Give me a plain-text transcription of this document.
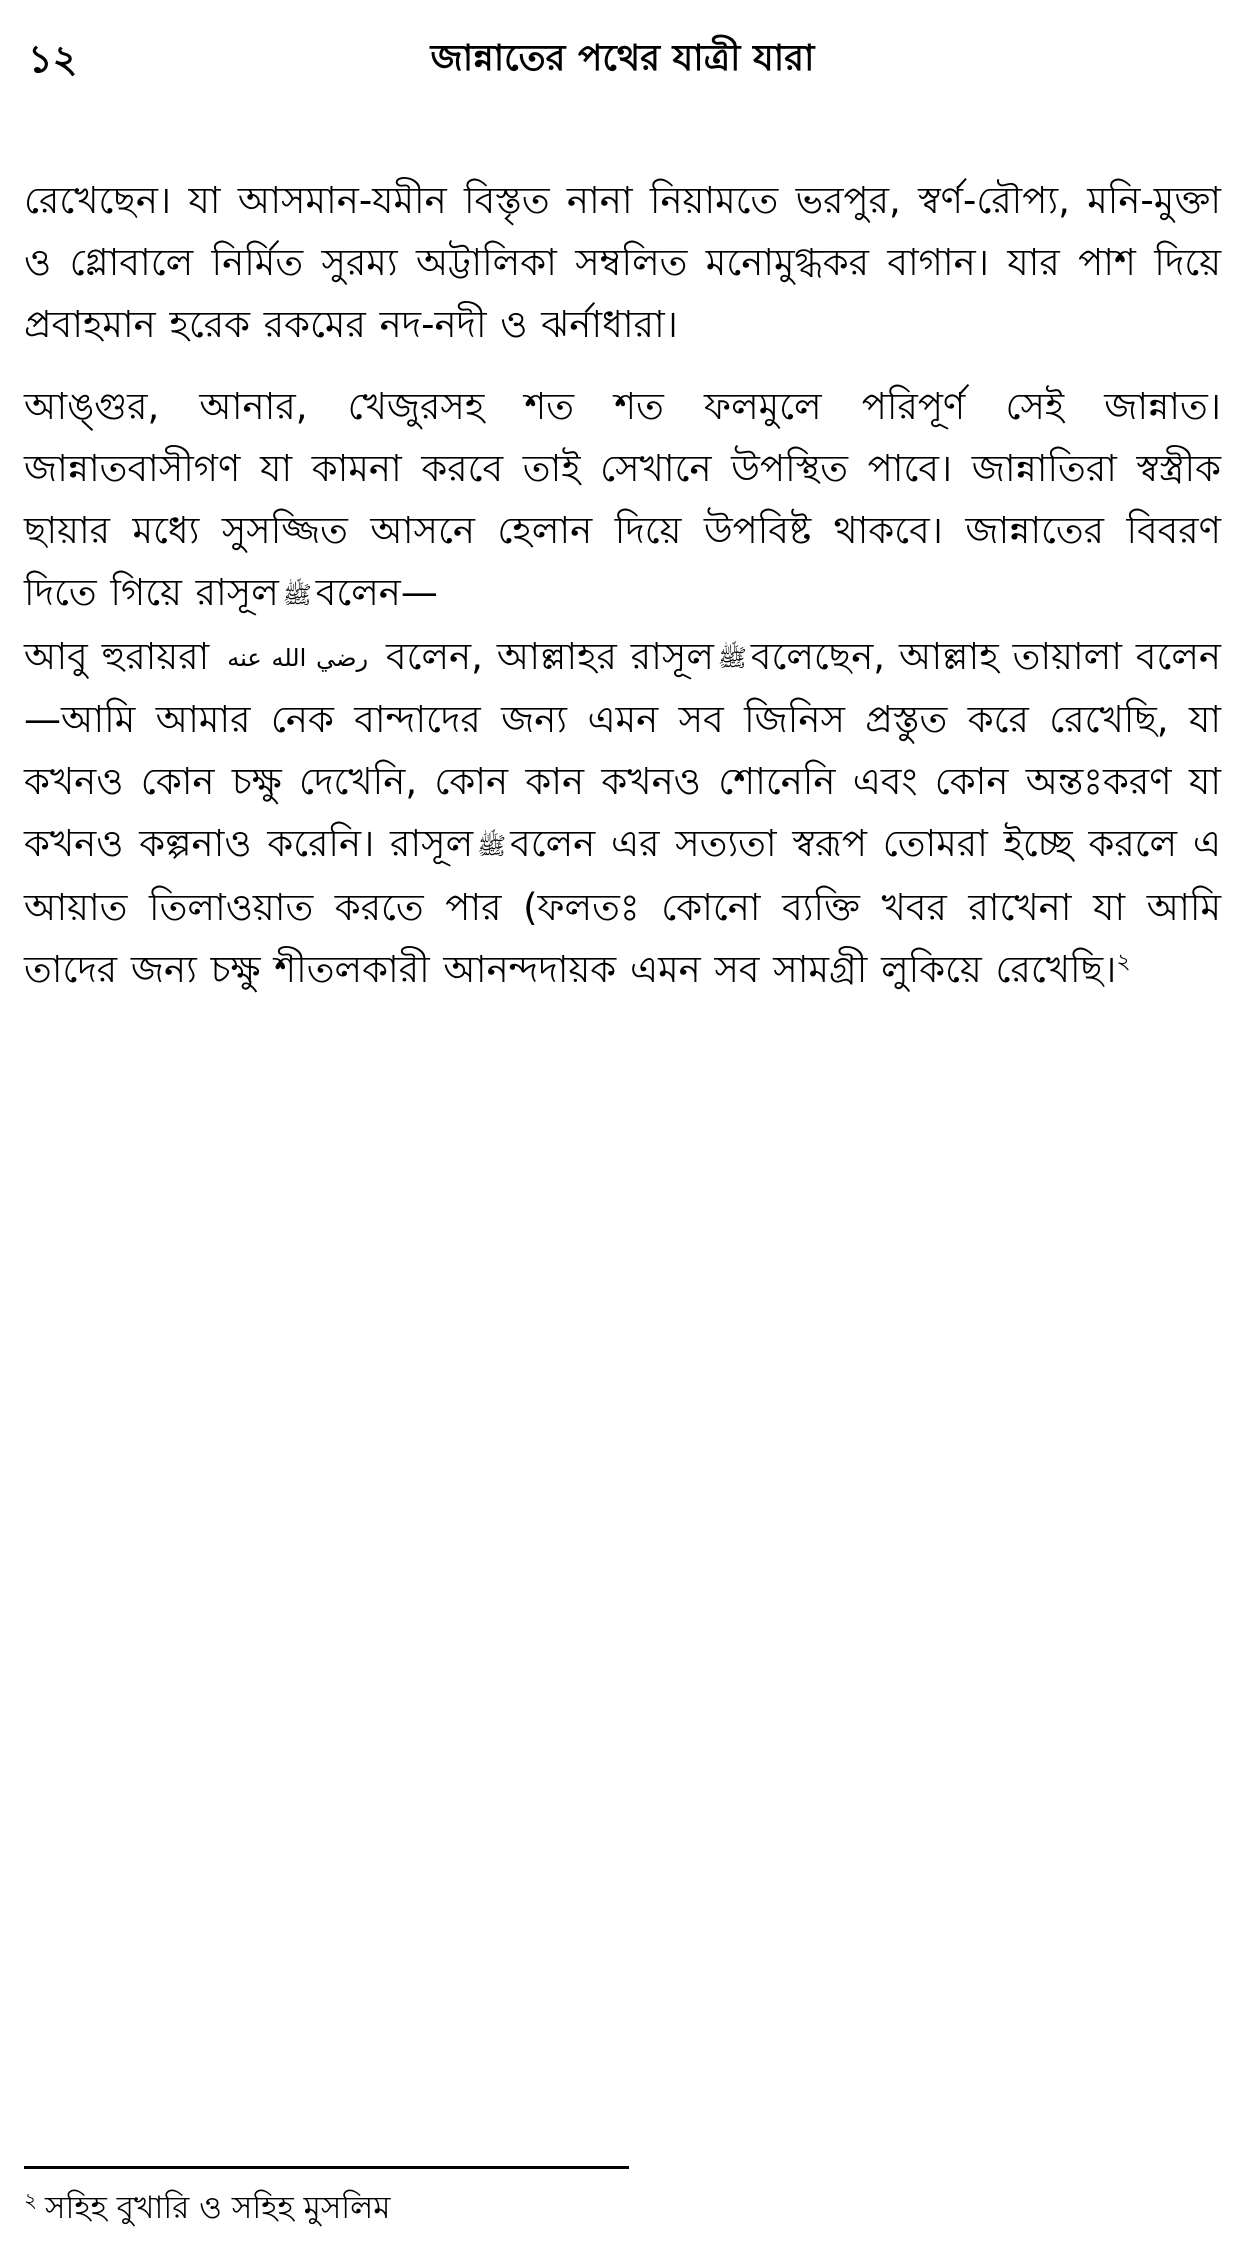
১২	জান্নাতের পথের যাত্রী যারা

রেখেছেন। যা আসমান-যমীন বিস্তৃত নানা নিয়ামতে ভরপুর, স্বর্ণ-রৌপ্য, মনি-মুক্তা ও গ্লোবালে নির্মিত সুরম্য অট্টালিকা সম্বলিত মনোমুগ্ধকর বাগান। যার পাশ দিয়ে প্রবাহমান হরেক রকমের নদ-নদী ও ঝর্নাধারা।

আঙ্গুর, আনার, খেজুরসহ শত শত ফলমুলে পরিপূর্ণ সেই জান্নাত। জান্নাতবাসীগণ যা কামনা করবে তাই সেখানে উপস্থিত পাবে। জান্নাতিরা স্বস্ত্রীক ছায়ার মধ্যে সুসজ্জিত আসনে হেলান দিয়ে উপবিষ্ট থাকবে। জান্নাতের বিবরণ দিতে গিয়ে রাসূল ﷺ বলেন—

আবু হুরায়রা رضي الله عنه বলেন, আল্লাহর রাসূল ﷺ বলেছেন, আল্লাহ তায়ালা বলেন—আমি আমার নেক বান্দাদের জন্য এমন সব জিনিস প্রস্তুত করে রেখেছি, যা কখনও কোন চক্ষু দেখেনি, কোন কান কখনও শোনেনি এবং কোন অন্তঃকরণ যা কখনও কল্পনাও করেনি। রাসূল ﷺ বলেন এর সত্যতা স্বরূপ তোমরা ইচ্ছে করলে এ আয়াত তিলাওয়াত করতে পার (ফলতঃ কোনো ব্যক্তি খবর রাখেনা যা আমি তাদের জন্য চক্ষু শীতলকারী আনন্দদায়ক এমন সব সামগ্রী লুকিয়ে রেখেছি।$^২$

$^২$ সহিহ বুখারি ও সহিহ মুসলিম
